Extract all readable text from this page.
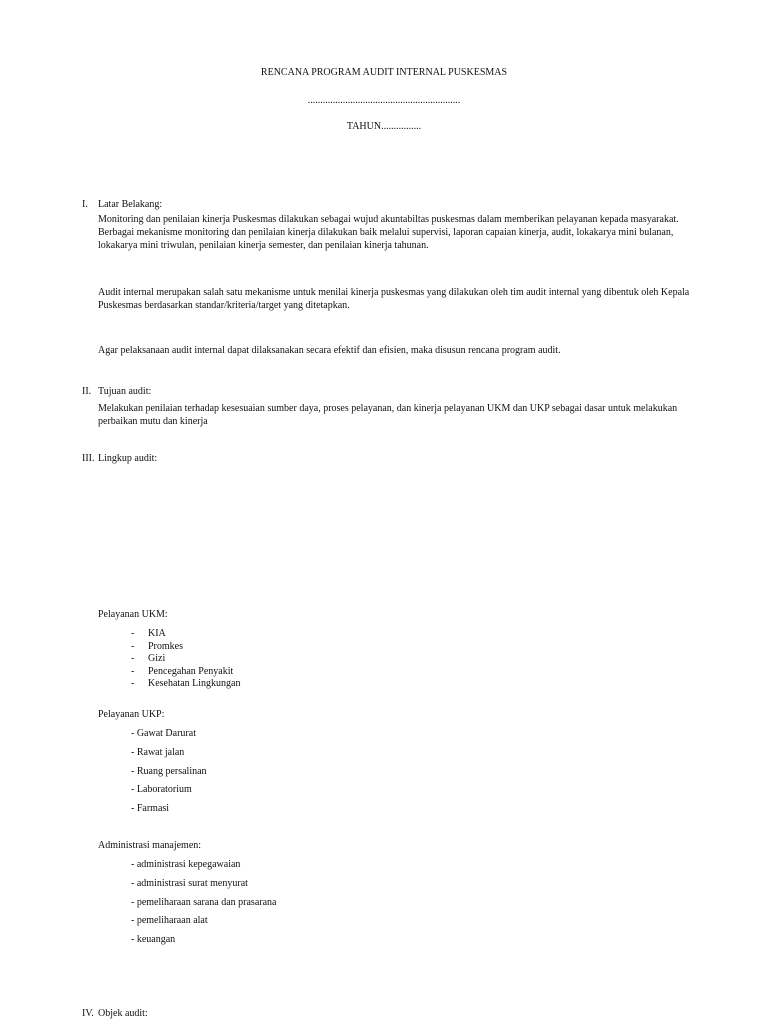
RENCANA PROGRAM AUDIT INTERNAL PUSKESMAS
.............................................................
TAHUN................
I. Latar Belakang:

Monitoring dan penilaian kinerja Puskesmas dilakukan sebagai wujud akuntabiltas puskesmas dalam memberikan pelayanan kepada masyarakat.

Berbagai mekanisme monitoring dan penilaian kinerja dilakukan baik melalui supervisi, laporan capaian kinerja, audit, lokakarya mini bulanan,

lokakarya mini triwulan, penilaian kinerja semester, dan penilaian kinerja tahunan.

Audit internal merupakan salah satu mekanisme untuk menilai kinerja puskesmas yang dilakukan oleh tim audit internal yang dibentuk oleh Kepala

Puskesmas berdasarkan standar/kriteria/target yang ditetapkan.

Agar pelaksanaan audit internal dapat dilaksanakan secara efektif dan efisien, maka disusun rencana program audit.

II. Tujuan audit:

Melakukan penilaian terhadap kesesuaian sumber daya, proses pelayanan, dan kinerja pelayanan UKM dan UKP sebagai dasar untuk melakukan

perbaikan mutu dan kinerja

III. Lingkup audit:
Pelayanan UKM:
-	KIA
-	Promkes
-	Gizi
-	Pencegahan Penyakit
-	Kesehatan Lingkungan
Pelayanan UKP:
- Gawat Darurat
- Rawat jalan
- Ruang persalinan
- Laboratorium
- Farmasi
Administrasi manajemen:
- administrasi kepegawaian
- administrasi surat menyurat
- pemeliharaan sarana dan prasarana
- pemeliharaan alat
- keuangan
IV. Objek audit:
